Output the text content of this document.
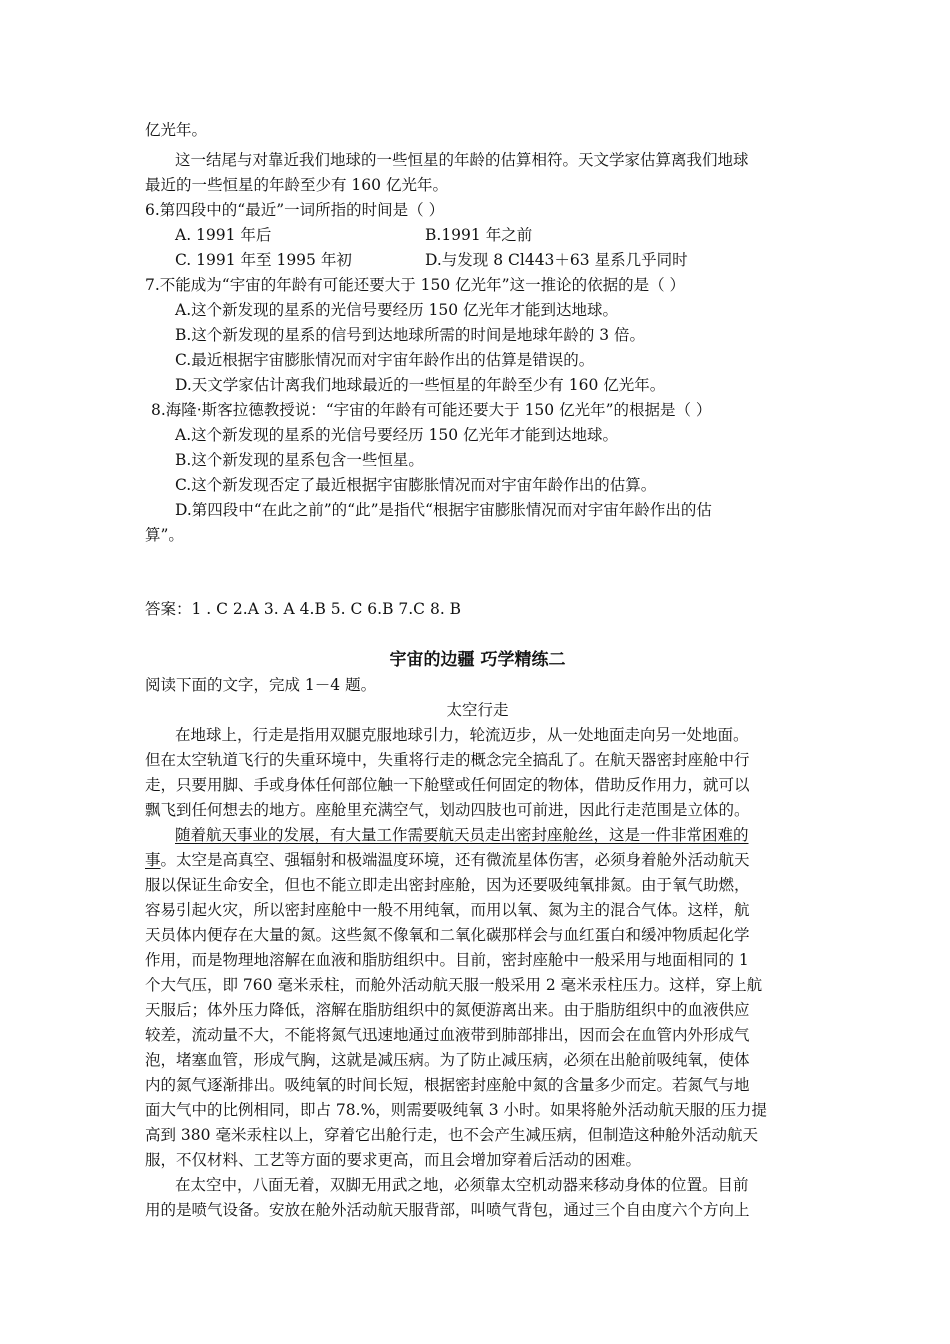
亿光年。
这一结尾与对靠近我们地球的一些恒星的年龄的估算相符。天文学家估算离我们地球
最近的一些恒星的年龄至少有 160 亿光年。
6.第四段中的“最近”一词所指的时间是（ ）
A. 1991 年后	B.1991 年之前
C. 1991 年至 1995 年初	D.与发现 8 Cl443＋63 星系几乎同时
7.不能成为“宇宙的年龄有可能还要大于 150 亿光年”这一推论的依据的是（ ）
A.这个新发现的星系的光信号要经历 150 亿光年才能到达地球。
B.这个新发现的星系的信号到达地球所需的时间是地球年龄的 3 倍。
C.最近根据宇宙膨胀情况而对宇宙年龄作出的估算是错误的。
D.天文学家估计离我们地球最近的一些恒星的年龄至少有 160 亿光年。
8.海隆·斯客拉德教授说：“宇宙的年龄有可能还要大于 150 亿光年”的根据是（ ）
A.这个新发现的星系的光信号要经历 150 亿光年才能到达地球。
B.这个新发现的星系包含一些恒星。
C.这个新发现否定了最近根据宇宙膨胀情况而对宇宙年龄作出的估算。
D.第四段中“在此之前”的“此”是指代“根据宇宙膨胀情况而对宇宙年龄作出的估
算”。
答案：1 . C 2.A 3. A 4.B 5. C 6.B 7.C 8. B
宇宙的边疆 巧学精练二
阅读下面的文字，完成 1－4 题。
太空行走
在地球上，行走是指用双腿克服地球引力，轮流迈步，从一处地面走向另一处地面。
但在太空轨道飞行的失重环境中，失重将行走的概念完全搞乱了。在航天器密封座舱中行
走，只要用脚、手或身体任何部位触一下舱壁或任何固定的物体，借助反作用力，就可以
飘飞到任何想去的地方。座舱里充满空气，划动四肢也可前进，因此行走范围是立体的。
随着航天事业的发展，有大量工作需要航天员走出密封座舱丝，这是一件非常困难的
事。太空是高真空、强辐射和极端温度环境，还有微流星体伤害，必须身着舱外活动航天
服以保证生命安全，但也不能立即走出密封座舱，因为还要吸纯氧排氮。由于氧气助燃，
容易引起火灾，所以密封座舱中一般不用纯氧，而用以氧、氮为主的混合气体。这样，航
天员体内便存在大量的氮。这些氮不像氧和二氧化碳那样会与血红蛋白和缓冲物质起化学
作用，而是物理地溶解在血液和脂肪组织中。目前，密封座舱中一般采用与地面相同的 1
个大气压，即 760 毫米汞柱，而舱外活动航天服一般采用 2 毫米汞柱压力。这样，穿上航
天服后；体外压力降低，溶解在脂肪组织中的氮便游离出来。由于脂肪组织中的血液供应
较差，流动量不大，不能将氮气迅速地通过血液带到肺部排出，因而会在血管内外形成气
泡，堵塞血管，形成气胸，这就是减压病。为了防止减压病，必须在出舱前吸纯氧，使体
内的氮气逐渐排出。吸纯氧的时间长短，根据密封座舱中氮的含量多少而定。若氮气与地
面大气中的比例相同，即占 78.%，则需要吸纯氧 3 小时。如果将舱外活动航天服的压力提
高到 380 毫米汞柱以上，穿着它出舱行走，也不会产生减压病，但制造这种舱外活动航天
服，不仅材料、工艺等方面的要求更高，而且会增加穿着后活动的困难。
在太空中，八面无着，双脚无用武之地，必须靠太空机动器来移动身体的位置。目前
用的是喷气设备。安放在舱外活动航天服背部，叫喷气背包，通过三个自由度六个方向上
